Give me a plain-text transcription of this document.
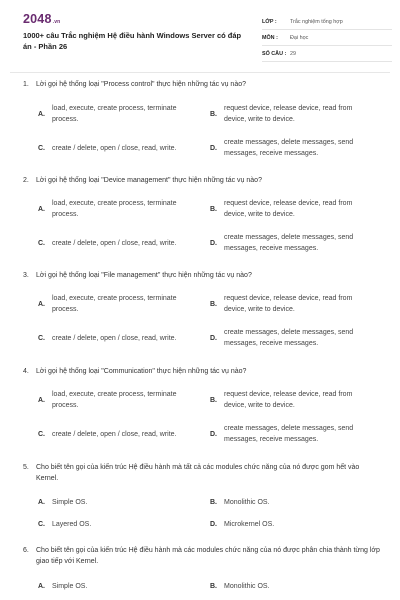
2048.vn
1000+ câu Trắc nghiệm Hệ điều hành Windows Server có đáp án - Phần 26
LỚP :	Trắc nghiệm tổng hợp
MÔN :	Đại học
SỐ CÂU : 29
1.	Lời gọi hệ thống loại "Process control" thực hiện những tác vụ nào?
A.
load, execute, create process, terminate process.
B.
request device, release device, read from device, write to device.
C.	create / delete, open / close, read, write.	D.
create messages, delete messages, send messages, receive messages.
2.	Lời gọi hệ thống loại "Device management" thực hiện những tác vụ nào?
A.
load, execute, create process, terminate process.
B.
request device, release device, read from device, write to device.
C.	create / delete, open / close, read, write.	D.
create messages, delete messages, send messages, receive messages.
3.	Lời gọi hệ thống loại "File management" thực hiện những tác vụ nào?
A.
load, execute, create process, terminate process.
B.
request device, release device, read from device, write to device.
C.	create / delete, open / close, read, write.	D.
create messages, delete messages, send messages, receive messages.
4.	Lời gọi hệ thống loại "Communication" thực hiện những tác vụ nào?
A.
load, execute, create process, terminate process.
B.
request device, release device, read from device, write to device.
C.	create / delete, open / close, read, write.	D.
create messages, delete messages, send messages, receive messages.
5.	Cho biết tên gọi của kiến trúc Hệ điều hành mà tất cả các modules chức năng của nó được gom hết vào Kernel.
A.	Simple OS.	B.	Monolithic OS.
C.	Layered OS.	D.	Microkernel OS.
6.	Cho biết tên gọi của kiến trúc Hệ điều hành mà các modules chức năng của nó được phân chia thành từng lớp giao tiếp với Kernel.
A.	Simple OS.	B.	Monolithic OS.
